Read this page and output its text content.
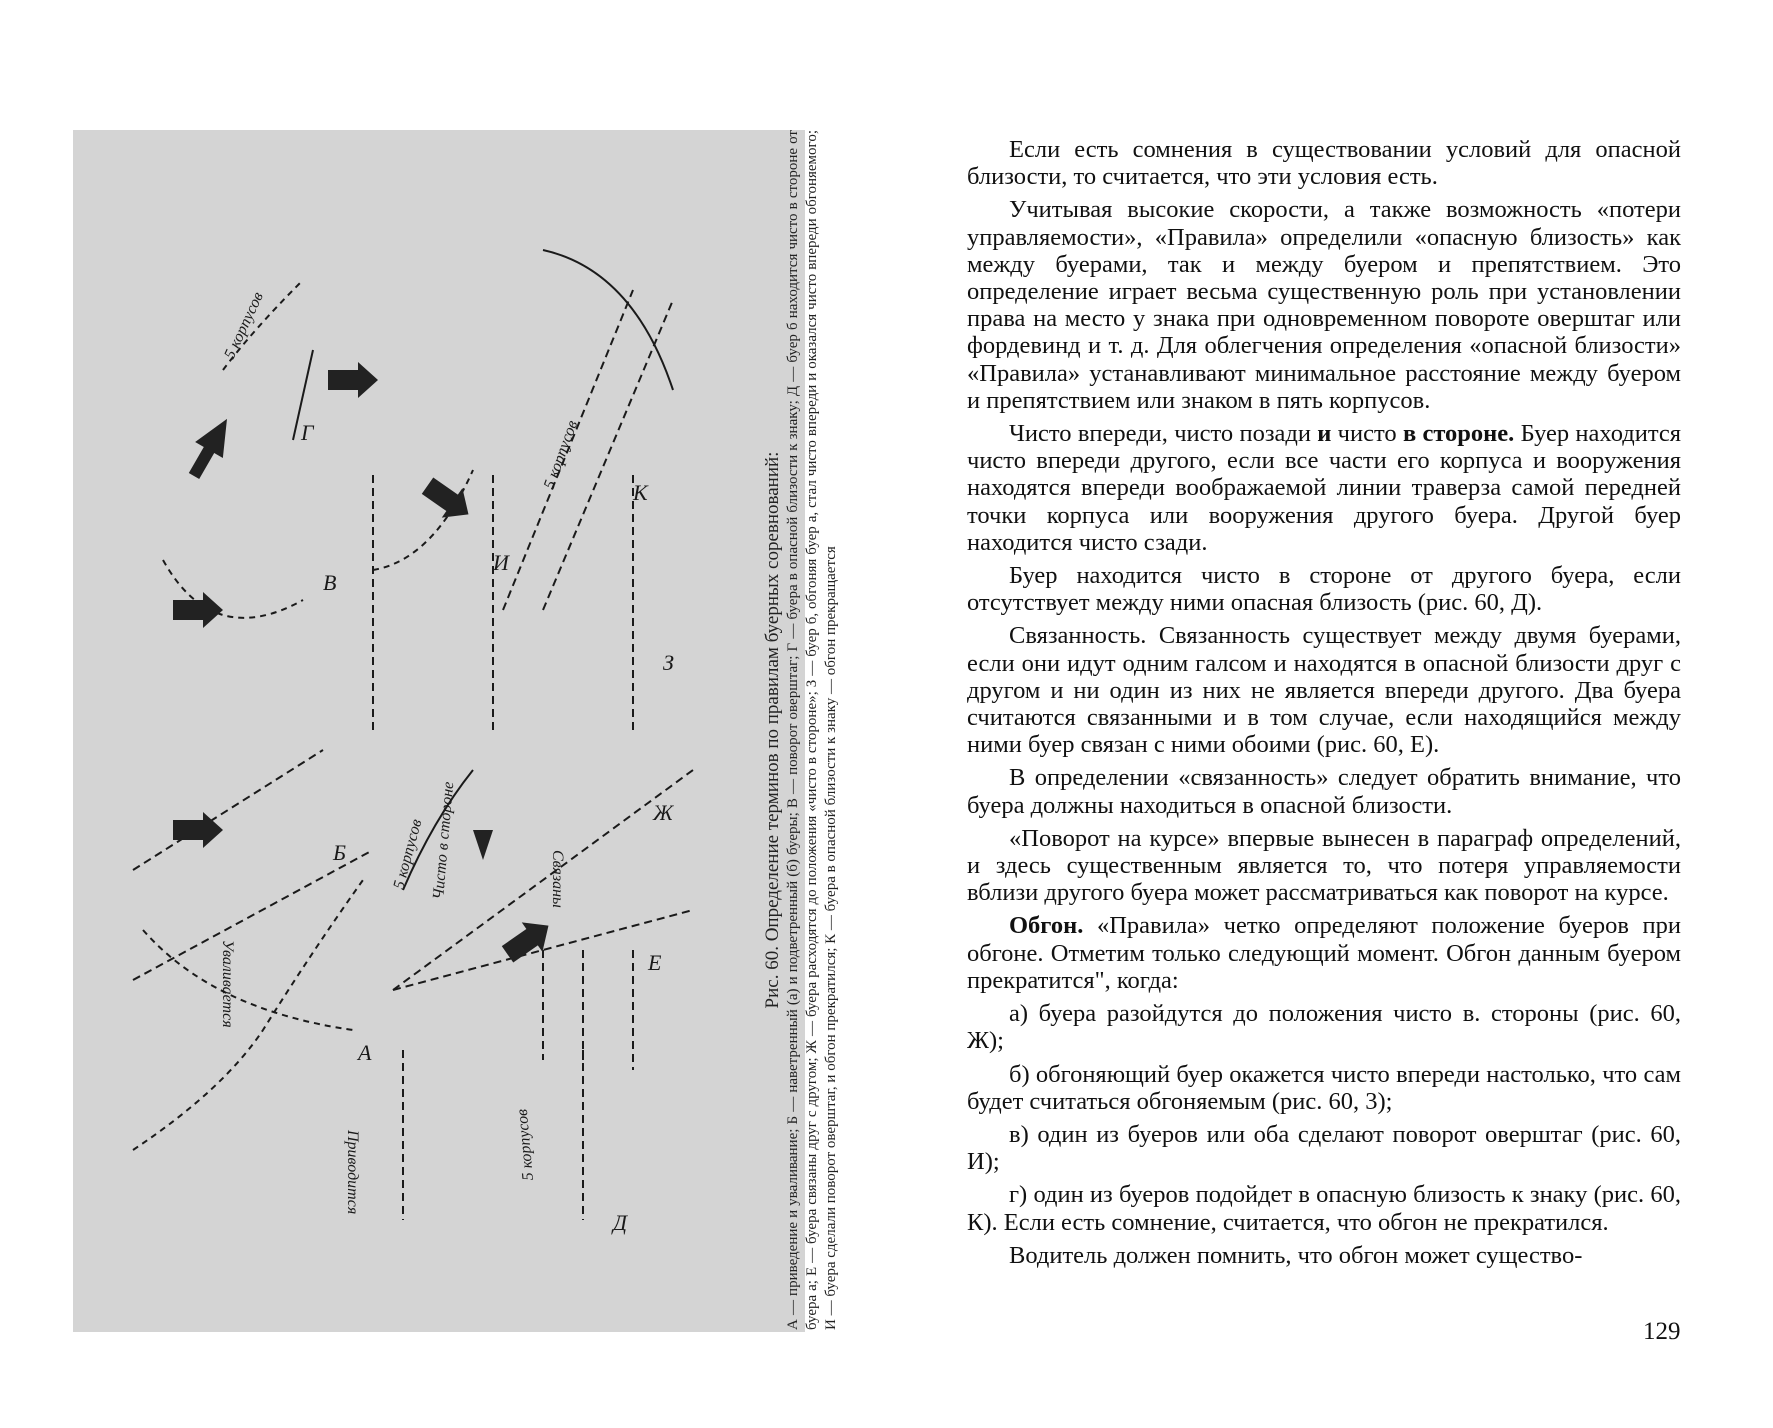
А
Б
В
Г
Д
Е
Ж
З
И
К
Уваливается
Приводится
5 корпусов
5 корпусов
5 корпусов
5 корпусов
Чисто в стороне	Связаны	Рис. 60. Определение терминов по правилам буерных соревнований: А — приведение и уваливание; Б — наветренный (а) и подветренный (б) буеры; В — поворот оверштаг; Г — буера в опасной близости к знаку; Д — буер б находится чисто в стороне от буера а; Е — буера связаны друг с другом; Ж — буера расходятся до положения «чисто в стороне»; З — буер б, обгоняя буер а, стал чисто впереди и оказался чисто впереди обгоняемого; И — буера сделали поворот оверштаг, и обгон прекратился; К — буера в опасной близости к знаку — обгон прекращается

Если есть сомнения в существовании условий для опасной близости, то считается, что эти условия есть.

Учитывая высокие скорости, а также возможность «потери управляемости», «Правила» определили «опасную близость» как между буерами, так и между буером и препятствием. Это определение играет весьма существенную роль при установлении права на место у знака при одновременном повороте оверштаг или фордевинд и т. д. Для облегчения определения «опасной близости» «Правила» устанавливают минимальное расстояние между буером и препятствием или знаком в пять корпусов.

Чисто впереди, чисто позади и чисто в стороне. Буер находится чисто впереди другого, если все части его корпуса и вооружения находятся впереди воображаемой линии траверза самой передней точки корпуса или вооружения другого буера. Другой буер находится чисто сзади.

Буер находится чисто в стороне от другого буера, если отсутствует между ними опасная близость (рис. 60, Д).

Связанность. Связанность существует между двумя буерами, если они идут одним галсом и находятся в опасной близости друг с другом и ни один из них не является впереди другого. Два буера считаются связанными и в том случае, если находящийся между ними буер связан с ними обоими (рис. 60, Е).

В определении «связанность» следует обратить внимание, что буера должны находиться в опасной близости.

«Поворот на курсе» впервые вынесен в параграф определений, и здесь существенным является то, что потеря управляемости вблизи другого буера может рассматриваться как поворот на курсе.

Обгон. «Правила» четко определяют положение буеров при обгоне. Отметим только следующий момент. Обгон данным буером прекратится", когда:

а) буера разойдутся до положения чисто в. стороны (рис. 60, Ж);

б) обгоняющий буер окажется чисто впереди настолько, что сам будет считаться обгоняемым (рис. 60, 3);

в) один из буеров или оба сделают поворот оверштаг (рис. 60, И);

г) один из буеров подойдет в опасную близость к знаку (рис. 60, К). Если есть сомнение, считается, что обгон не прекратился.

Водитель должен помнить, что обгон может существо-

129
